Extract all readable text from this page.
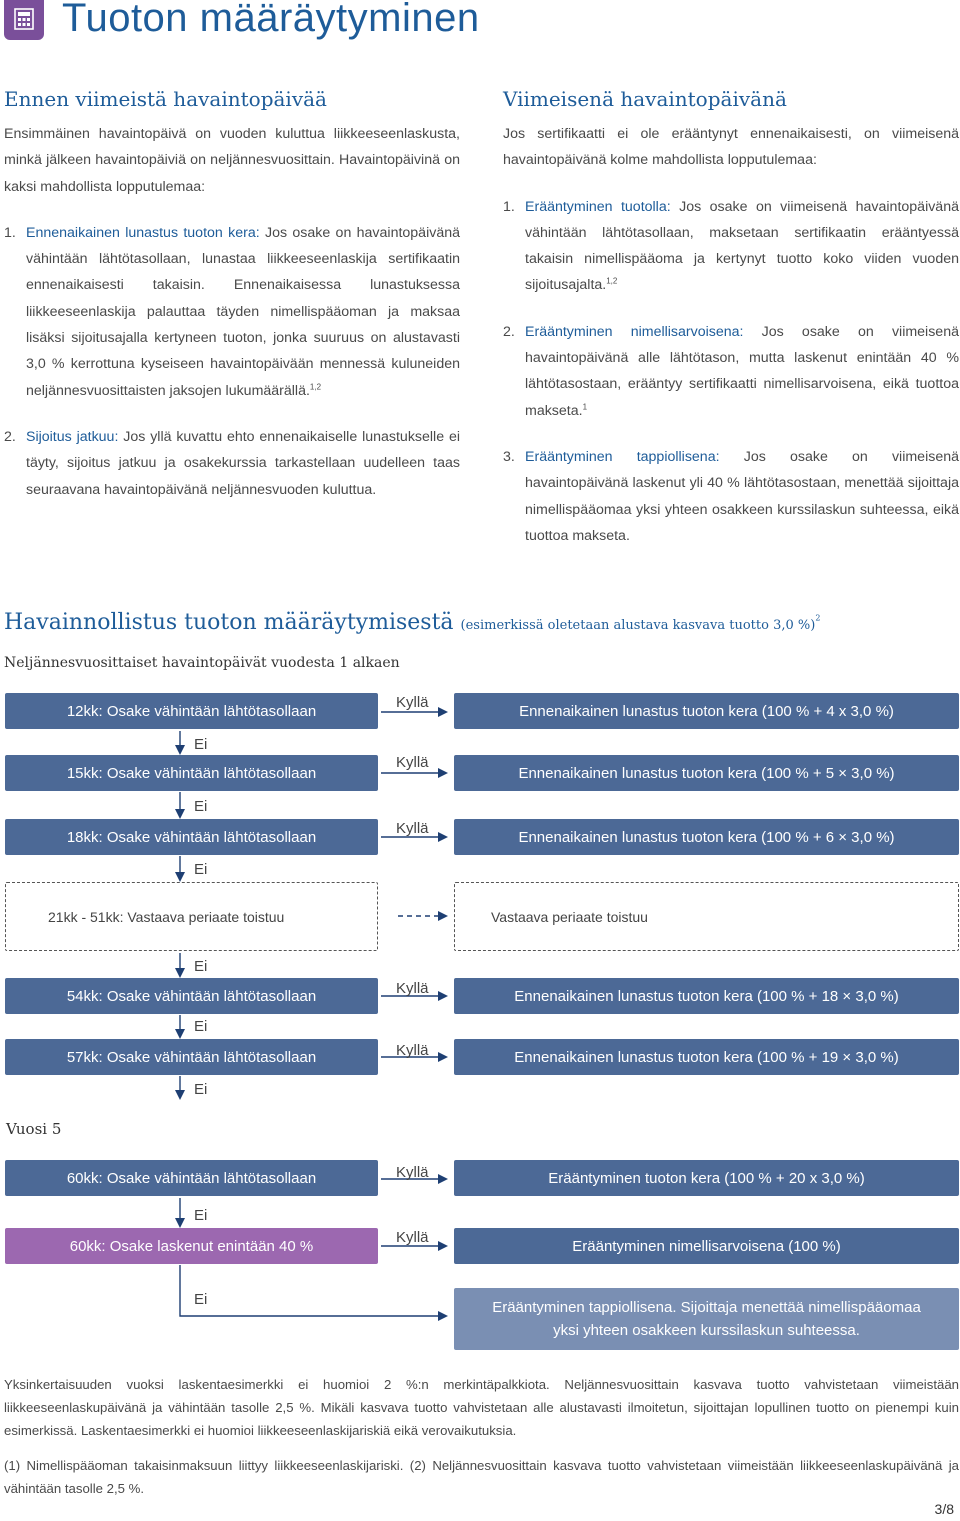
Tuoton määräytyminen
Ennen viimeistä havaintopäivää

Ensimmäinen havaintopäivä on vuoden kuluttua liikkeeseenlaskusta, minkä jälkeen havaintopäiviä on neljännesvuosittain. Havaintopäivinä on kaksi mahdollista lopputulemaa:

1. Ennenaikainen lunastus tuoton kera: Jos osake on havaintopäivänä vähintään lähtötasollaan, lunastaa liikkeeseenlaskija sertifikaatin ennenaikaisesti takaisin. Ennenaikaisessa lunastuksessa liikkeeseenlaskija palauttaa täyden nimellispääoman ja maksaa lisäksi sijoitusajalla kertyneen tuoton, jonka suuruus on alustavasti 3,0 % kerrottuna kyseiseen havaintopäivään mennessä kuluneiden neljännesvuosittaisten jaksojen lukumäärällä.$^{1,2}$
2. Sijoitus jatkuu: Jos yllä kuvattu ehto ennenaikaiselle lunastukselle ei täyty, sijoitus jatkuu ja osakekurssia tarkastellaan uudelleen taas seuraavana havaintopäivänä neljännesvuoden kuluttua.
Viimeisenä havaintopäivänä

Jos sertifikaatti ei ole erääntynyt ennenaikaisesti, on viimeisenä havaintopäivänä kolme mahdollista lopputulemaa:

1. Erääntyminen tuotolla: Jos osake on viimeisenä havaintopäivänä vähintään lähtötasollaan, maksetaan sertifikaatin erääntyessä takaisin nimellispääoma ja kertynyt tuotto koko viiden vuoden sijoitusajalta.$^{1,2}$
2. Erääntyminen nimellisarvoisena: Jos osake on viimeisenä havaintopäivänä alle lähtötason, mutta laskenut enintään 40 % lähtötasostaan, erääntyy sertifikaatti nimellisarvoisena, eikä tuottoa makseta.$^1$
3. Erääntyminen tappiollisena: Jos osake on viimeisenä havaintopäivänä laskenut yli 40 % lähtötasostaan, menettää sijoittaja nimellispääomaa yksi yhteen osakkeen kurssilaskun suhteessa, eikä tuottoa makseta.
Havainnollistus tuoton määräytymisestä (esimerkissä oletetaan alustava kasvava tuotto 3,0 %)$^2$
Neljännesvuosittaiset havaintopäivät vuodesta 1 alkaen
12kk: Osake vähintään lähtötasollaan	Ennenaikainen lunastus tuoton kera (100 % + 4 x 3,0 %)
15kk: Osake vähintään lähtötasollaan	Ennenaikainen lunastus tuoton kera (100 % + 5 × 3,0 %)
18kk: Osake vähintään lähtötasollaan	Ennenaikainen lunastus tuoton kera (100 % + 6 × 3,0 %)
21kk - 51kk: Vastaava periaate toistuu	Vastaava periaate toistuu
54kk: Osake vähintään lähtötasollaan	Ennenaikainen lunastus tuoton kera (100 % + 18 × 3,0 %)
57kk: Osake vähintään lähtötasollaan	Ennenaikainen lunastus tuoton kera (100 % + 19 × 3,0 %)
Vuosi 5
60kk: Osake vähintään lähtötasollaan	Erääntyminen tuoton kera (100 % + 20 x 3,0 %)
60kk: Osake laskenut enintään 40 %	Erääntyminen nimellisarvoisena (100 %)
Erääntyminen tappiollisena. Sijoittaja menettää nimellispääomaa yksi yhteen osakkeen kurssilaskun suhteessa.
Kyllä
Kyllä
Kyllä
Kyllä
Kyllä
Kyllä
Kyllä
Ei
Ei
Ei
Ei
Ei
Ei
Ei
Ei
Yksinkertaisuuden vuoksi laskentaesimerkki ei huomioi 2 %:n merkintäpalkkiota. Neljännesvuosittain kasvava tuotto vahvistetaan viimeistään liikkeeseenlaskupäivänä ja vähintään tasolle 2,5 %. Mikäli kasvava tuotto vahvistetaan alle alustavasti ilmoitetun, sijoittajan lopullinen tuotto on pienempi kuin esimerkissä. Laskentaesimerkki ei huomioi liikkeeseenlaskijariskiä eikä verovaikutuksia.
(1) Nimellispääoman takaisinmaksuun liittyy liikkeeseenlaskijariski. (2) Neljännesvuosittain kasvava tuotto vahvistetaan viimeistään liikkeeseenlaskupäivänä ja vähintään tasolle 2,5 %.
3/8
